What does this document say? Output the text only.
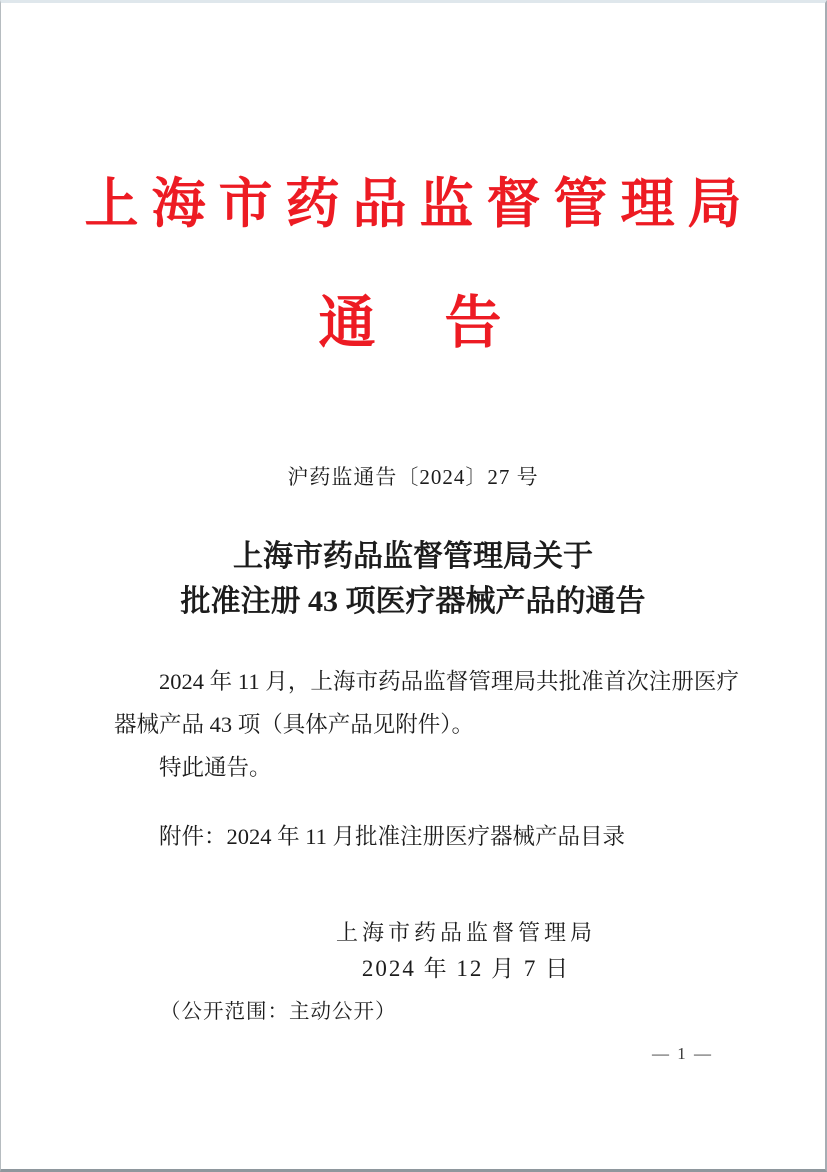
上海市药品监督管理局
通　告
沪药监通告〔2024〕27 号
上海市药品监督管理局关于
批准注册 43 项医疗器械产品的通告

2024 年 11 月，上海市药品监督管理局共批准首次注册医疗

器械产品 43 项（具体产品见附件）。

特此通告。

附件：2024 年 11 月批准注册医疗器械产品目录

上海市药品监督管理局
2024 年 12 月 7 日

（公开范围：主动公开）

— 1 —
